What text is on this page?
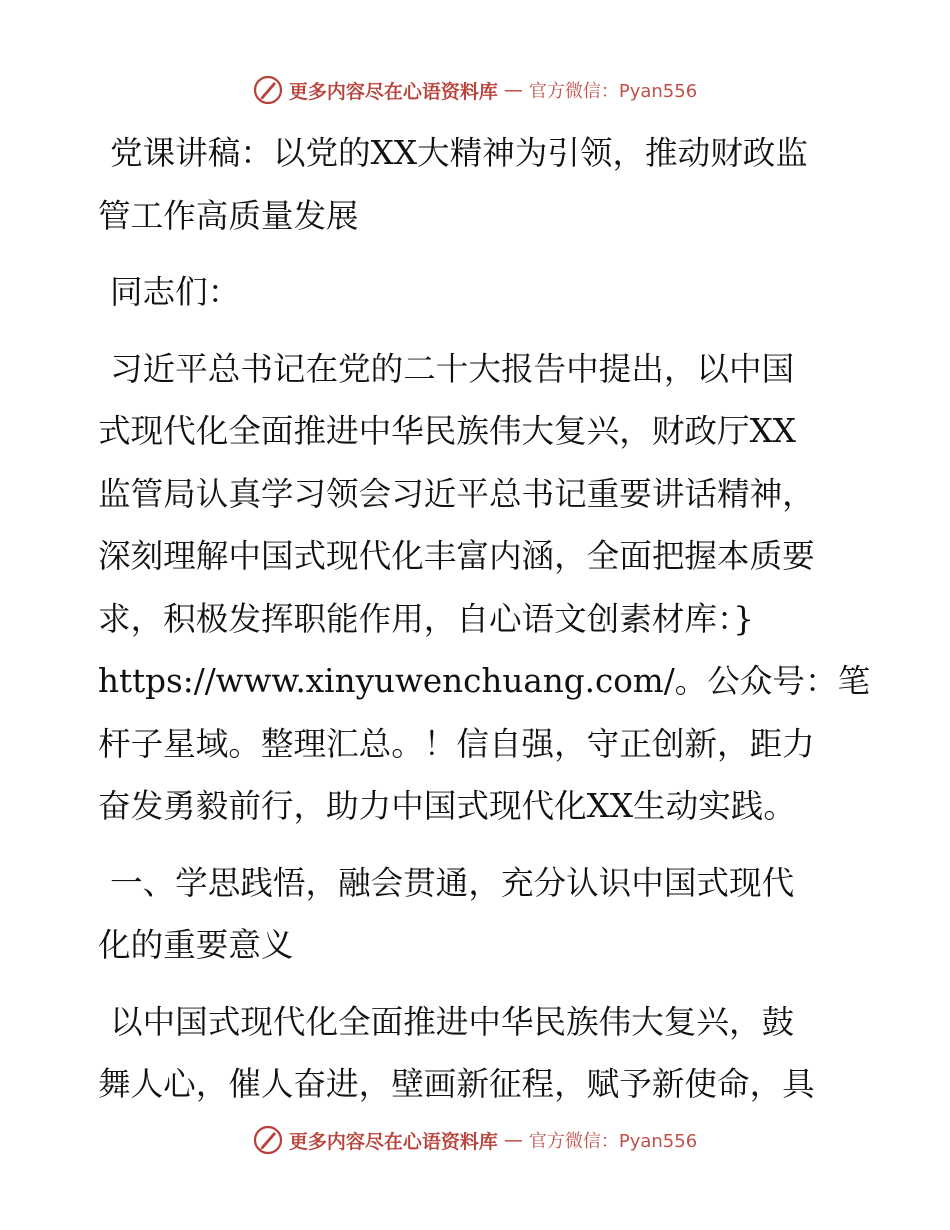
更多内容尽在心语资料库 — 官方微信：Pyan556
党课讲稿：以党的XX大精神为引领，推动财政监
管工作高质量发展
同志们：
习近平总书记在党的二十大报告中提出，以中国
式现代化全面推进中华民族伟大复兴，财政厅XX
监管局认真学习领会习近平总书记重要讲话精神，
深刻理解中国式现代化丰富内涵，全面把握本质要
求，积极发挥职能作用，自心语文创素材库：}
https://www.xinyuwenchuang.com/。公众号：笔
杆子星域。整理汇总。！信自强，守正创新，距力
奋发勇毅前行，助力中国式现代化XX生动实践。
一、学思践悟，融会贯通，充分认识中国式现代
化的重要意义
以中国式现代化全面推进中华民族伟大复兴，鼓
舞人心，催人奋进，壁画新征程，赋予新使命，具
更多内容尽在心语资料库 — 官方微信：Pyan556
